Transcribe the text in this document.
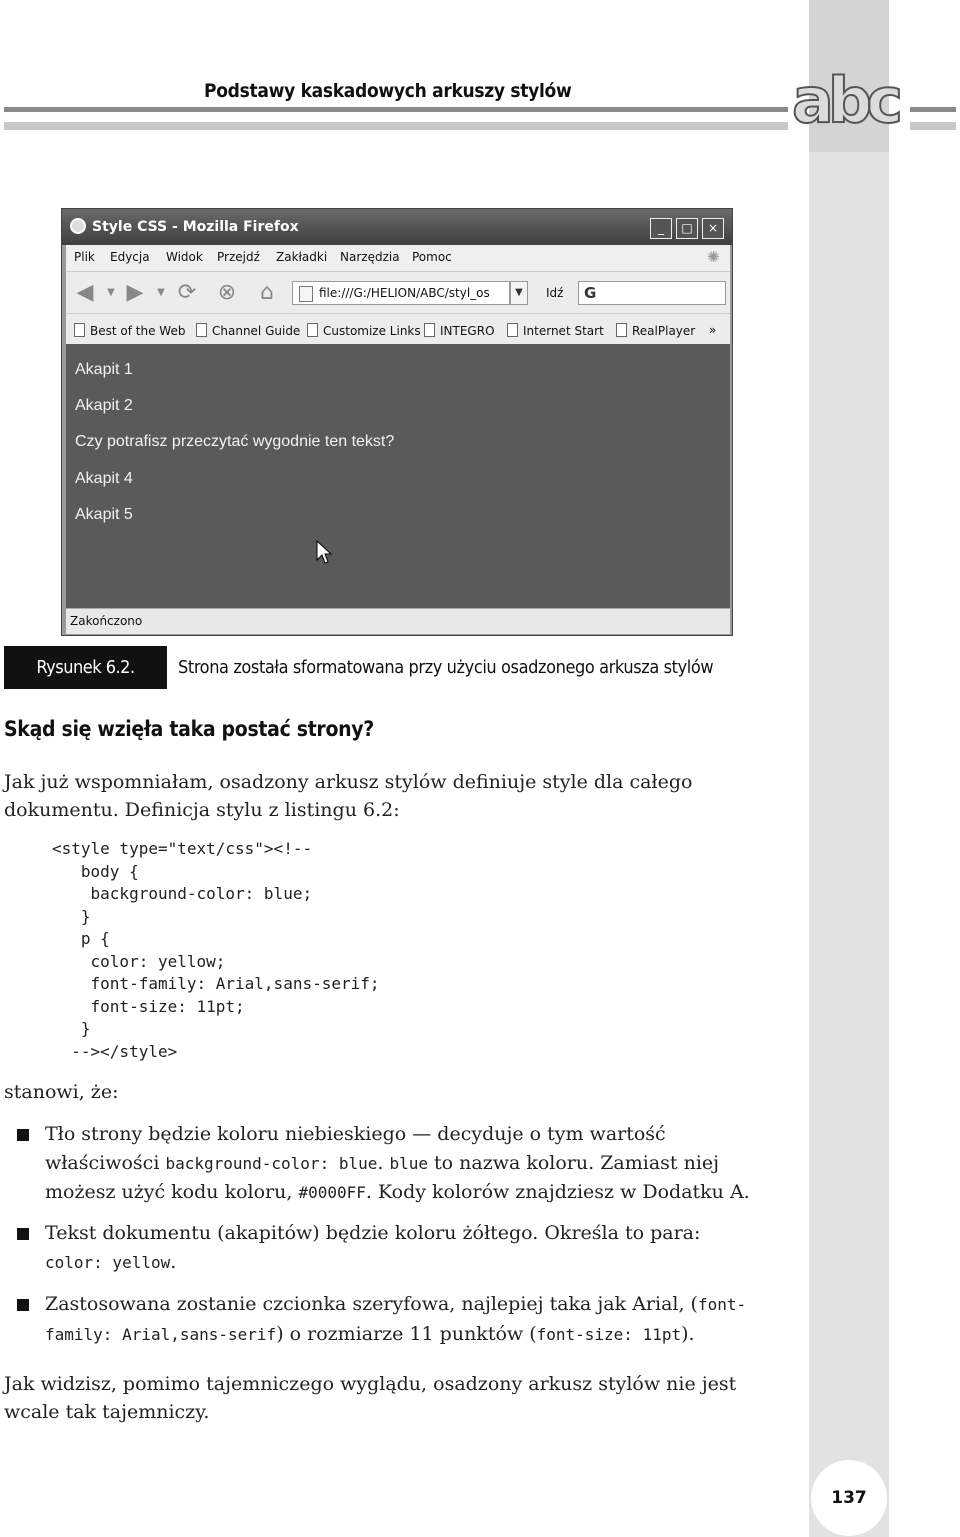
Podstawy kaskadowych arkuszy stylów	abc
Style CSS - Mozilla Firefox	_	□	×
Plik Edycja Widok Przejdź Zakładki Narzędzia Pomoc	✺
◀	▼ ▶	▼ ⟳ ⊗ ⌂	file:///G:/HELION/ABC/styl_os	▼	Idź	G
Best of the Web	Channel Guide	Customize Links	INTEGRO	Internet Start	RealPlayer »
Akapit 1
Akapit 2
Czy potrafisz przeczytać wygodnie ten tekst?
Akapit 4
Akapit 5
Zakończono
Rysunek 6.2.	Strona została sformatowana przy użyciu osadzonego arkusza stylów
Skąd się wzięła taka postać strony?
Jak już wspomniałam, osadzony arkusz stylów definiuje style dla całego dokumentu. Definicja stylu z listingu 6.2:
<style type="text/css"><!--
body {
background-color: blue;
}
p {
color: yellow;
font-family: Arial,sans-serif;
font-size: 11pt;
}
--></style>
stanowi, że:
Tło strony będzie koloru niebieskiego — decyduje o tym wartość właściwości background-color: blue. blue to nazwa koloru. Zamiast niej możesz użyć kodu koloru, #0000FF. Kody kolorów znajdziesz w Dodatku A.
Tekst dokumentu (akapitów) będzie koloru żółtego. Określa to para: color: yellow.
Zastosowana zostanie czcionka szeryfowa, najlepiej taka jak Arial, (font-family: Arial,sans-serif) o rozmiarze 11 punktów (font-size: 11pt).
Jak widzisz, pomimo tajemniczego wyglądu, osadzony arkusz stylów nie jest wcale tak tajemniczy.
137
